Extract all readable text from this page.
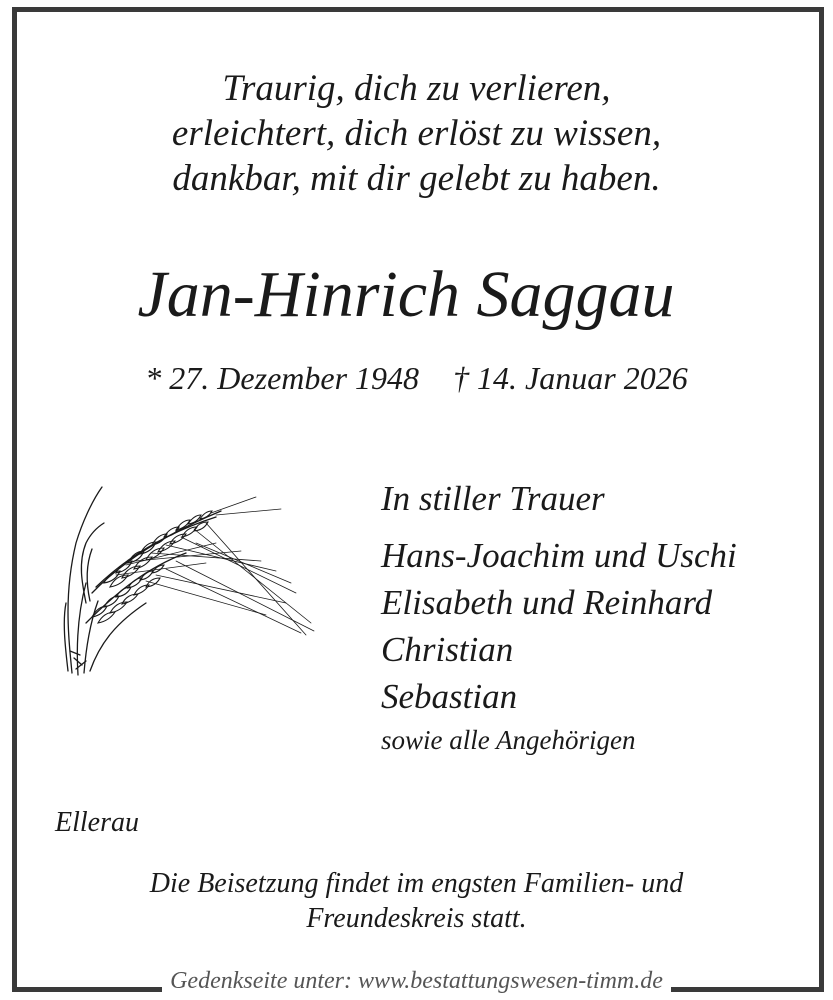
Traurig, dich zu verlieren,
erleichtert, dich erlöst zu wissen,
dankbar, mit dir gelebt zu haben.
Jan-Hinrich Saggau
* 27. Dezember 1948 † 14. Januar 2026
In stiller Trauer
Hans-Joachim und Uschi
Elisabeth und Reinhard
Christian
Sebastian
sowie alle Angehörigen
Ellerau
Die Beisetzung findet im engsten Familien- und
Freundeskreis statt.
Gedenkseite unter: www.bestattungswesen-timm.de
